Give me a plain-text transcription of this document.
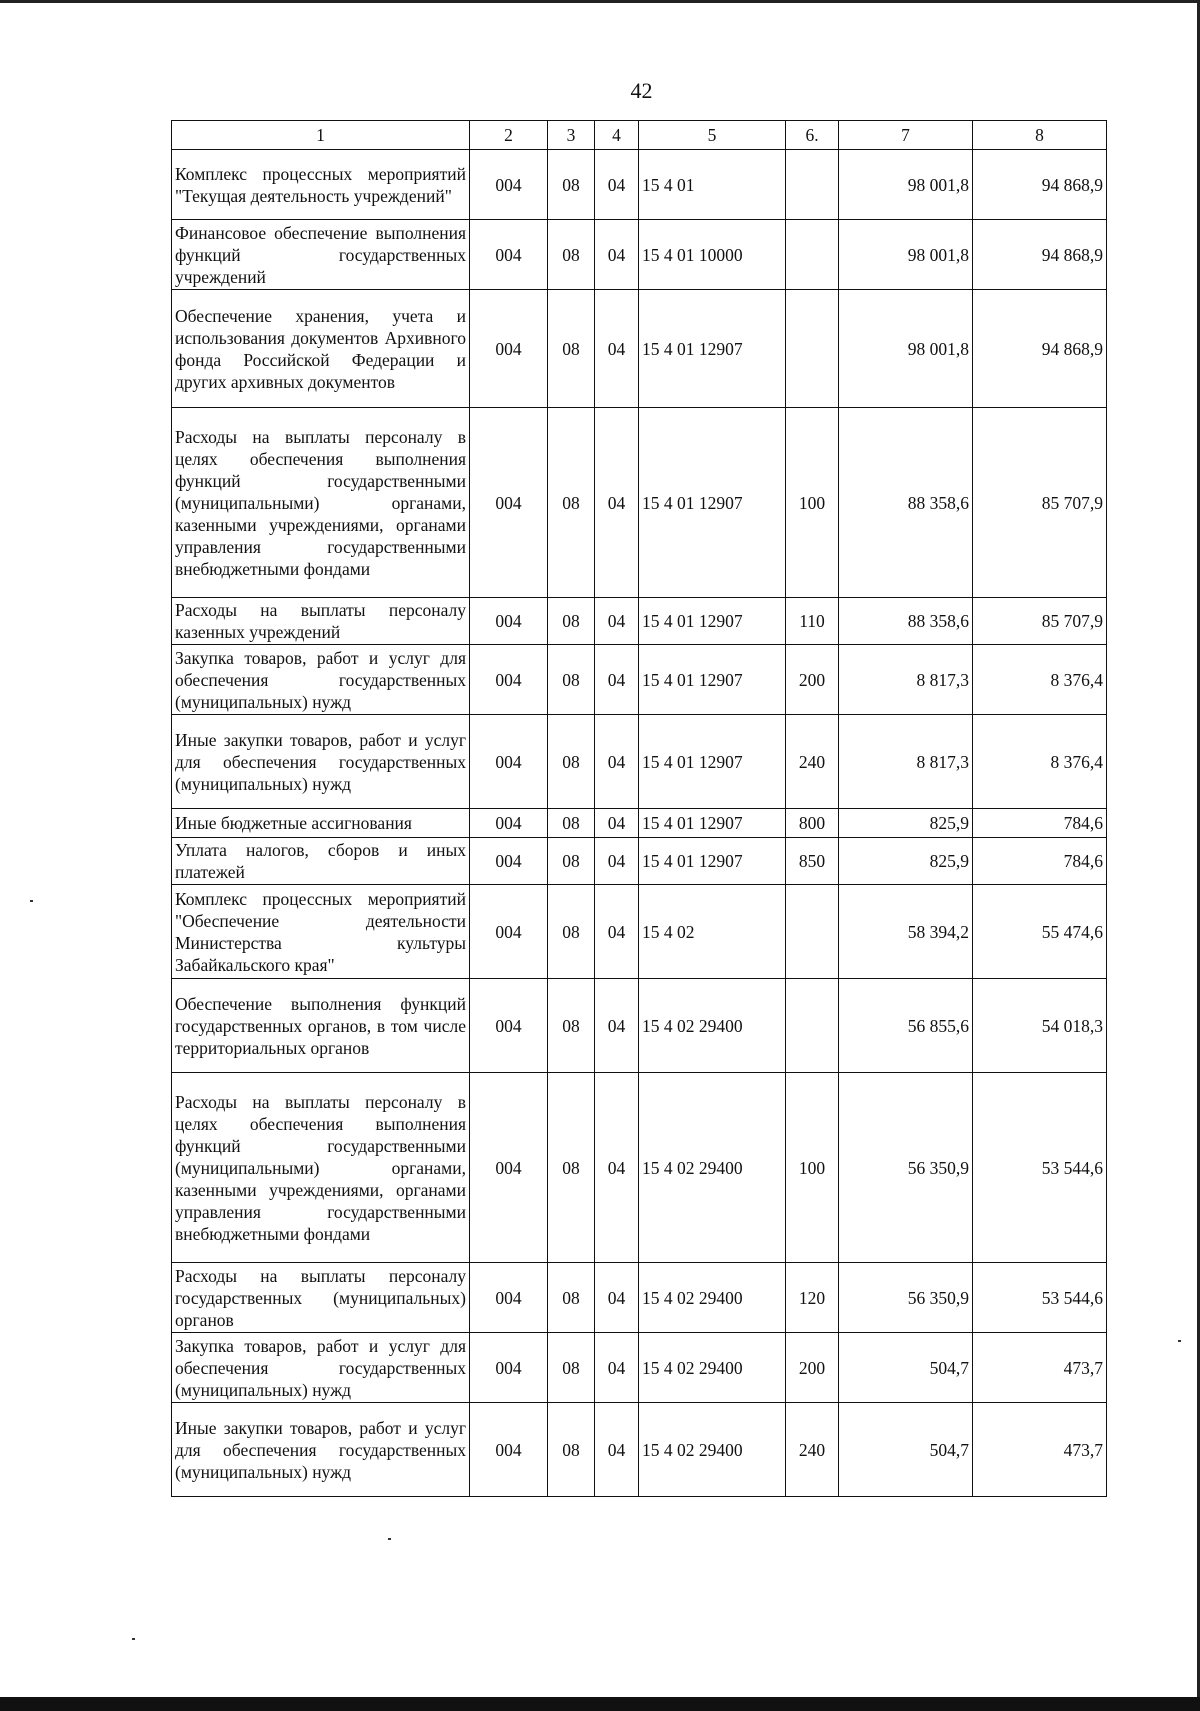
42
1	2	3	4	5	6.	7	8
Комплекс процессных мероприятий "Текущая деятельность учреждений"	004	08	04	15 4 01		98 001,8	94 868,9
Финансовое обеспечение выполнения функций государственных учреждений	004	08	04	15 4 01 10000		98 001,8	94 868,9
Обеспечение хранения, учета и использования документов Архивного фонда Российской Федерации и других архивных документов	004	08	04	15 4 01 12907		98 001,8	94 868,9
Расходы на выплаты персоналу в целях обеспечения выполнения функций государственными (муниципальными) органами, казенными учреждениями, органами управления государственными внебюджетными фондами	004	08	04	15 4 01 12907	100	88 358,6	85 707,9
Расходы на выплаты персоналу казенных учреждений	004	08	04	15 4 01 12907	110	88 358,6	85 707,9
Закупка товаров, работ и услуг для обеспечения государственных (муниципальных) нужд	004	08	04	15 4 01 12907	200	8 817,3	8 376,4
Иные закупки товаров, работ и услуг для обеспечения государственных (муниципальных) нужд	004	08	04	15 4 01 12907	240	8 817,3	8 376,4
Иные бюджетные ассигнования	004	08	04	15 4 01 12907	800	825,9	784,6
Уплата налогов, сборов и иных платежей	004	08	04	15 4 01 12907	850	825,9	784,6
Комплекс процессных мероприятий "Обеспечение деятельности Министерства культуры Забайкальского края"	004	08	04	15 4 02		58 394,2	55 474,6
Обеспечение выполнения функций государственных органов, в том числе территориальных органов	004	08	04	15 4 02 29400		56 855,6	54 018,3
Расходы на выплаты персоналу в целях обеспечения выполнения функций государственными (муниципальными) органами, казенными учреждениями, органами управления государственными внебюджетными фондами	004	08	04	15 4 02 29400	100	56 350,9	53 544,6
Расходы на выплаты персоналу государственных (муниципальных) органов	004	08	04	15 4 02 29400	120	56 350,9	53 544,6
Закупка товаров, работ и услуг для обеспечения государственных (муниципальных) нужд	004	08	04	15 4 02 29400	200	504,7	473,7
Иные закупки товаров, работ и услуг для обеспечения государственных (муниципальных) нужд	004	08	04	15 4 02 29400	240	504,7	473,7
